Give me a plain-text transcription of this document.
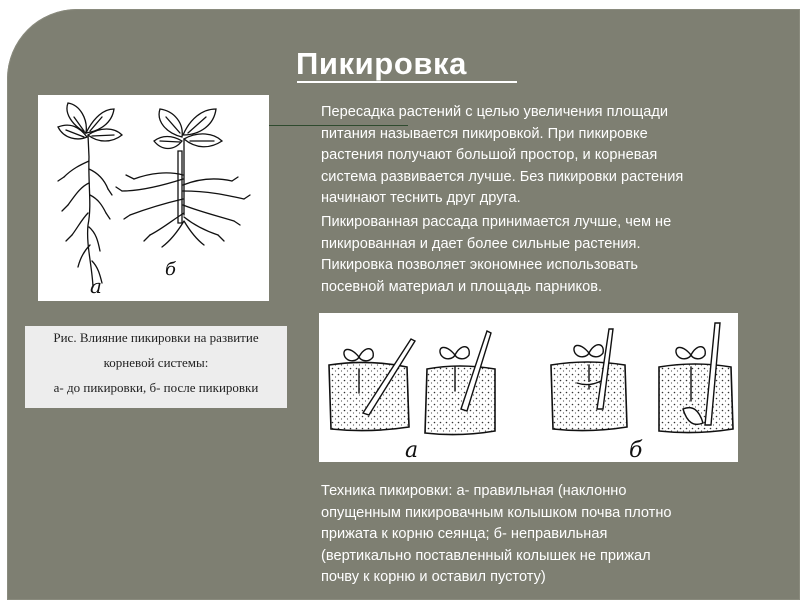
Пикировка
Пересадка растений с целью увеличения площади
питания называется пикировкой. При пикировке
растения получают большой простор, и корневая
система развивается лучше. Без пикировки растения
начинают теснить друг друга.
Пикированная рассада принимается лучше, чем не
пикированная и дает более сильные растения.
Пикировка позволяет экономнее использовать
посевной материал и площадь парников.
а
б
Рис. Влияние пикировки на развитие
корневой системы:
а- до пикировки, б- после пикировки
а	б
Техника пикировки: а- правильная (наклонно
опущенным пикировачным колышком почва плотно
прижата к корню сеянца; б- неправильная
(вертикально поставленный колышек не прижал
почву к корню и оставил пустоту)
